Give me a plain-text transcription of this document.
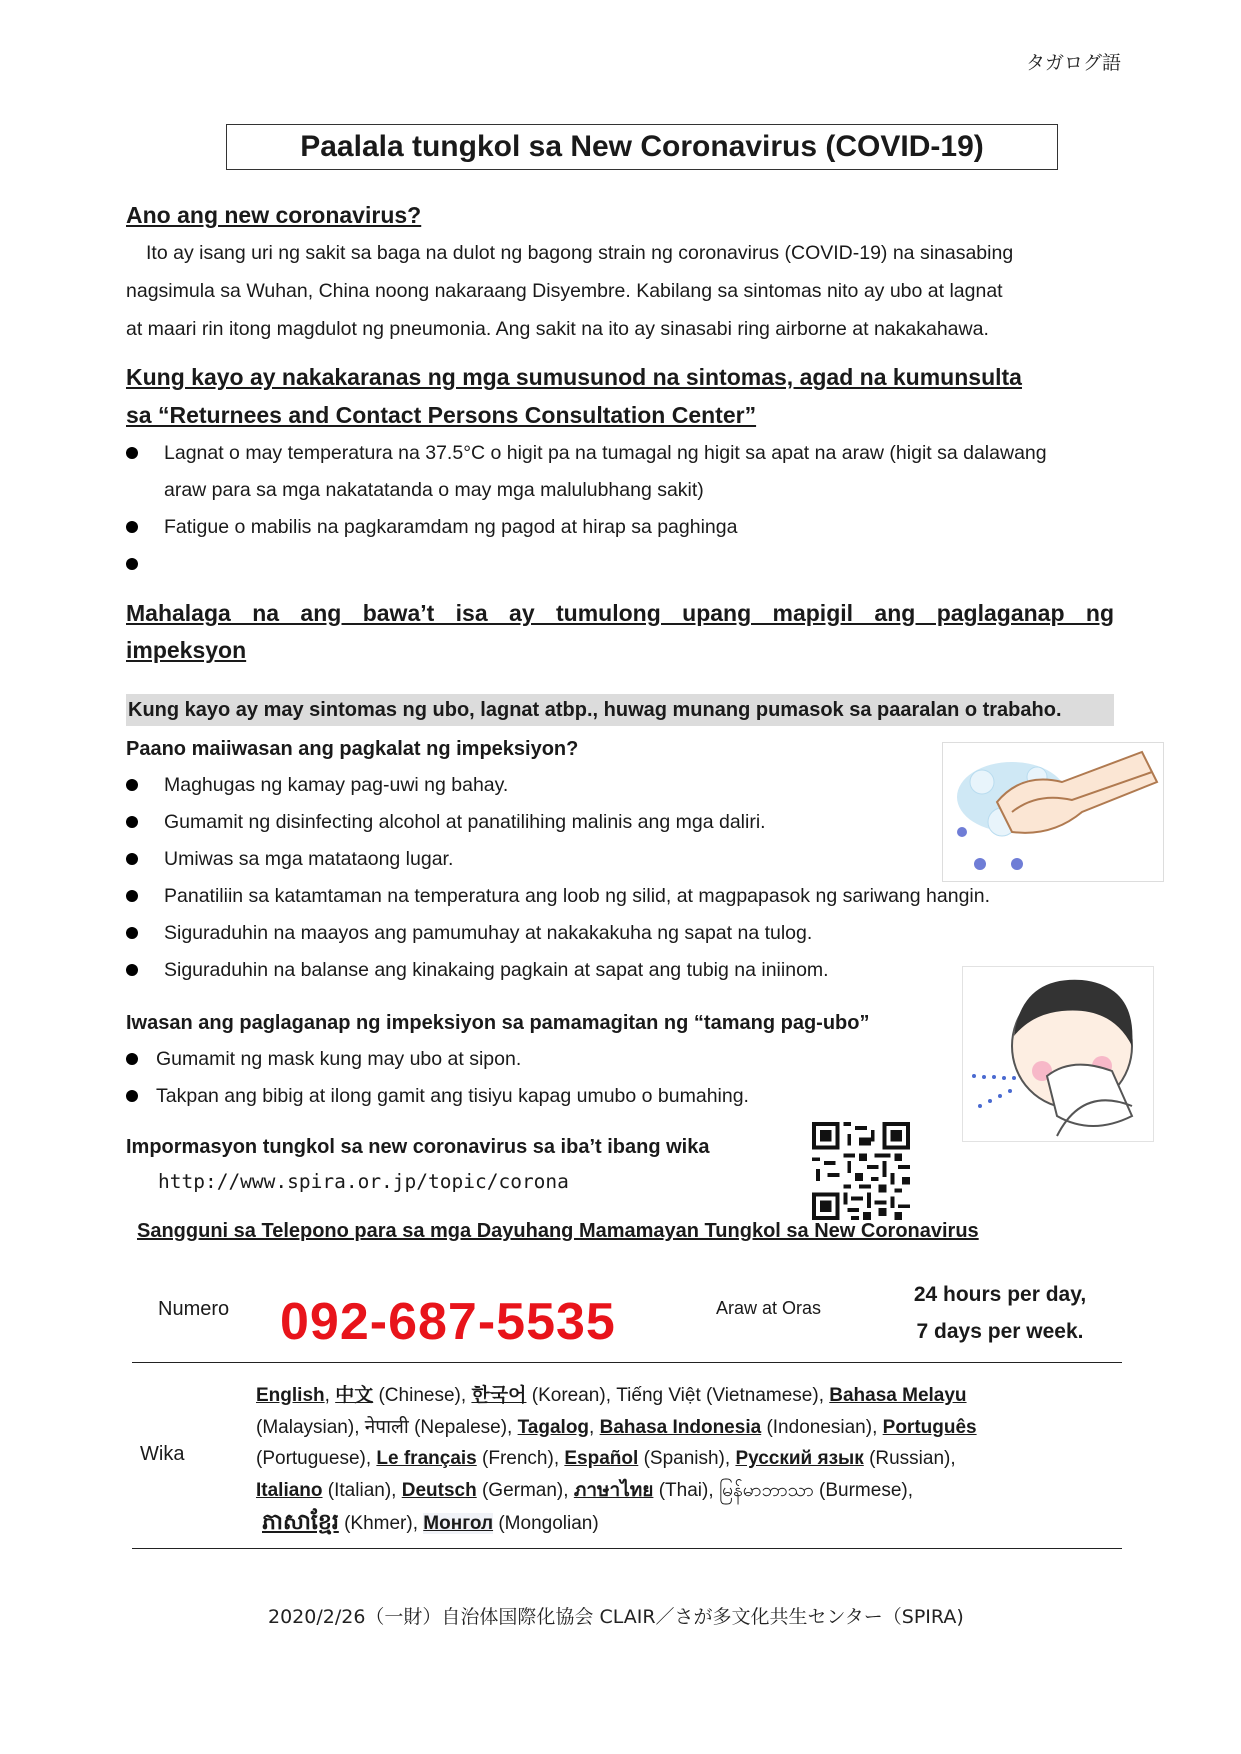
タガログ語
Paalala tungkol sa New Coronavirus (COVID-19)
Ano ang new coronavirus?
Ito ay isang uri ng sakit sa baga na dulot ng bagong strain ng coronavirus (COVID-19) na sinasabing
nagsimula sa Wuhan, China noong nakaraang Disyembre. Kabilang sa sintomas nito ay ubo at lagnat
at maari rin itong magdulot ng pneumonia. Ang sakit na ito ay sinasabi ring airborne at nakakahawa.
Kung kayo ay nakakaranas ng mga sumusunod na sintomas, agad na kumunsulta
sa “Returnees and Contact Persons Consultation Center”
Lagnat o may temperatura na 37.5°C o higit pa na tumagal ng higit sa apat na araw (higit sa dalawang
araw para sa mga nakatatanda o may mga malulubhang sakit)
Fatigue o mabilis na pagkaramdam ng pagod at hirap sa paghinga
Mahalaga na ang bawa’t isa ay tumulong upang mapigil ang paglaganap ng
impeksyon
Kung kayo ay may sintomas ng ubo, lagnat atbp., huwag munang pumasok sa paaralan o trabaho.
Paano maiiwasan ang pagkalat ng impeksiyon?
Maghugas ng kamay pag-uwi ng bahay.
Gumamit ng disinfecting alcohol at panatilihing malinis ang mga daliri.
Umiwas sa mga matataong lugar.
Panatiliin sa katamtaman na temperatura ang loob ng silid, at magpapasok ng sariwang hangin.
Siguraduhin na maayos ang pamumuhay at nakakakuha ng sapat na tulog.
Siguraduhin na balanse ang kinakaing pagkain at sapat ang tubig na iniinom.
Iwasan ang paglaganap ng impeksiyon sa pamamagitan ng “tamang pag-ubo”
Gumamit ng mask kung may ubo at sipon.
Takpan ang bibig at ilong gamit ang tisiyu kapag umubo o bumahing.
Impormasyon tungkol sa new coronavirus sa iba’t ibang wika
http://www.spira.or.jp/topic/corona
Sangguni sa Telepono para sa mga Dayuhang Mamamayan Tungkol sa New Coronavirus
Numero 092-687-5535	Araw at Oras
24 hours per day,
7 days per week.
Wika
English, 中文 (Chinese), 한국어 (Korean), Tiếng Việt (Vietnamese), Bahasa Melayu
(Malaysian), नेपाली (Nepalese), Tagalog, Bahasa Indonesia (Indonesian), Português
(Portuguese), Le français (French), Español (Spanish), Русский язык (Russian),
Italiano (Italian), Deutsch (German), ภาษาไทย (Thai), မြန်မာဘာသာ (Burmese),
ភាសាខ្មែរ (Khmer), Монгол (Mongolian)
2020/2/26（一財）自治体国際化協会 CLAIR／さが多文化共生センター（SPIRA)
